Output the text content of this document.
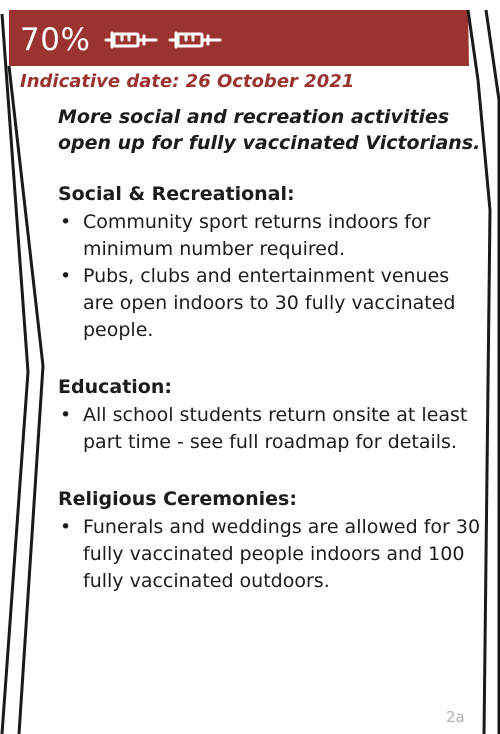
70%
Indicative date: 26 October 2021

More social and recreation activities open up for fully vaccinated Victorians.

Social & Recreational:
• Community sport returns indoors for minimum number required.
• Pubs, clubs and entertainment venues are open indoors to 30 fully vaccinated people.
Education:
• All school students return onsite at least part time - see full roadmap for details.
Religious Ceremonies:
• Funerals and weddings are allowed for 30 fully vaccinated people indoors and 100 fully vaccinated outdoors.
2a
